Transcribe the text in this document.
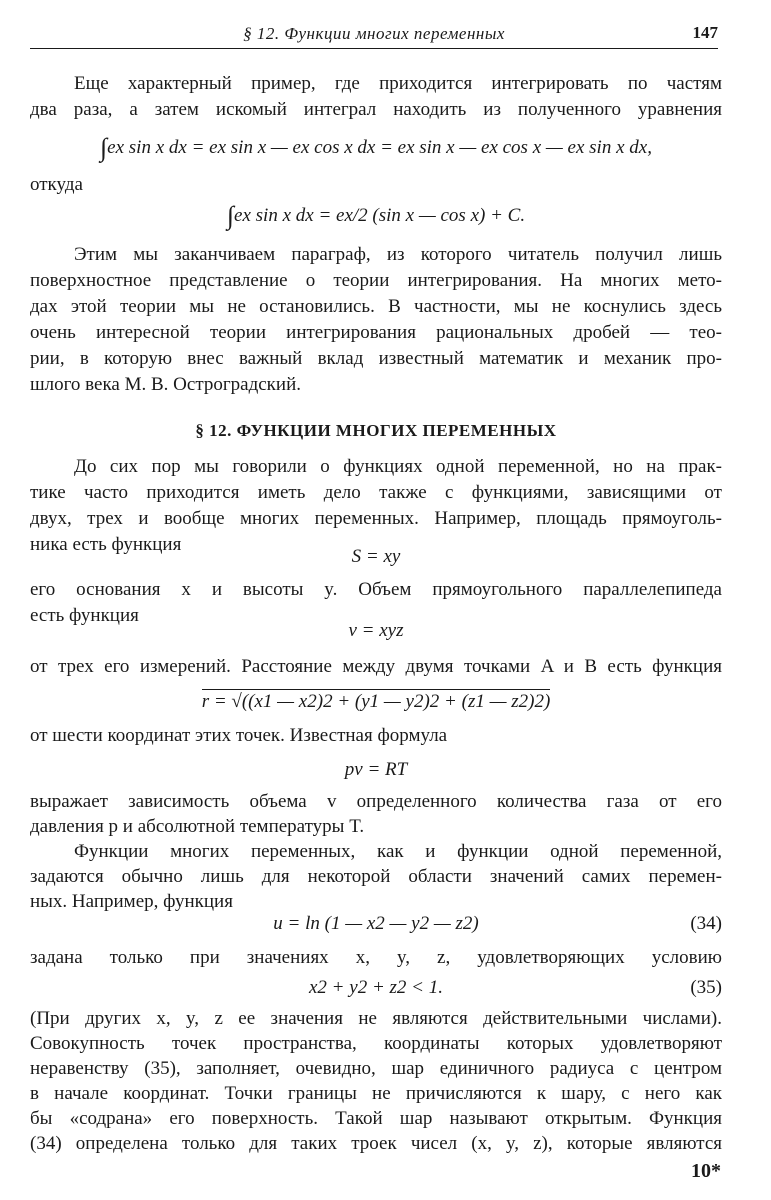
§ 12. Функции многих переменных	147
Еще характерный пример, где приходится интегрировать по частям
два раза, а затем искомый интеграл находить из полученного уравнения
∫ex sin x dx = ex sin x — ex cos x dx = ex sin x — ex cos x — ex sin x dx,
откуда
∫ex sin x dx = ex/2 (sin x — cos x) + C.
Этим мы заканчиваем параграф, из которого читатель получил лишь
поверхностное представление о теории интегрирования. На многих мето-
дах этой теории мы не остановились. В частности, мы не коснулись здесь
очень интересной теории интегрирования рациональных дробей — тео-
рии, в которую внес важный вклад известный математик и механик про-
шлого века М. В. Остроградский.
§ 12. ФУНКЦИИ МНОГИХ ПЕРЕМЕННЫХ
До сих пор мы говорили о функциях одной переменной, но на прак-
тике часто приходится иметь дело также с функциями, зависящими от
двух, трех и вообще многих переменных. Например, площадь прямоуголь-
ника есть функция
S = xy
его основания x и высоты y. Объем прямоугольного параллелепипеда
есть функция
v = xyz
от трех его измерений. Расстояние между двумя точками A и B есть функция
r = √((x1 — x2)2 + (y1 — y2)2 + (z1 — z2)2)
от шести координат этих точек. Известная формула
pv = RT
выражает зависимость объема v определенного количества газа от его
давления p и абсолютной температуры T.
Функции многих переменных, как и функции одной переменной,
задаются обычно лишь для некоторой области значений самих перемен-
ных. Например, функция
u = ln (1 — x2 — y2 — z2)	(34)
задана только при значениях x, y, z, удовлетворяющих условию
x2 + y2 + z2 < 1.	(35)
(При других x, y, z ее значения не являются действительными числами).
Совокупность точек пространства, координаты которых удовлетворяют
неравенству (35), заполняет, очевидно, шар единичного радиуса с центром
в начале координат. Точки границы не причисляются к шару, с него как
бы «содрана» его поверхность. Такой шар называют открытым. Функция
(34) определена только для таких троек чисел (x, y, z), которые являются
10*
